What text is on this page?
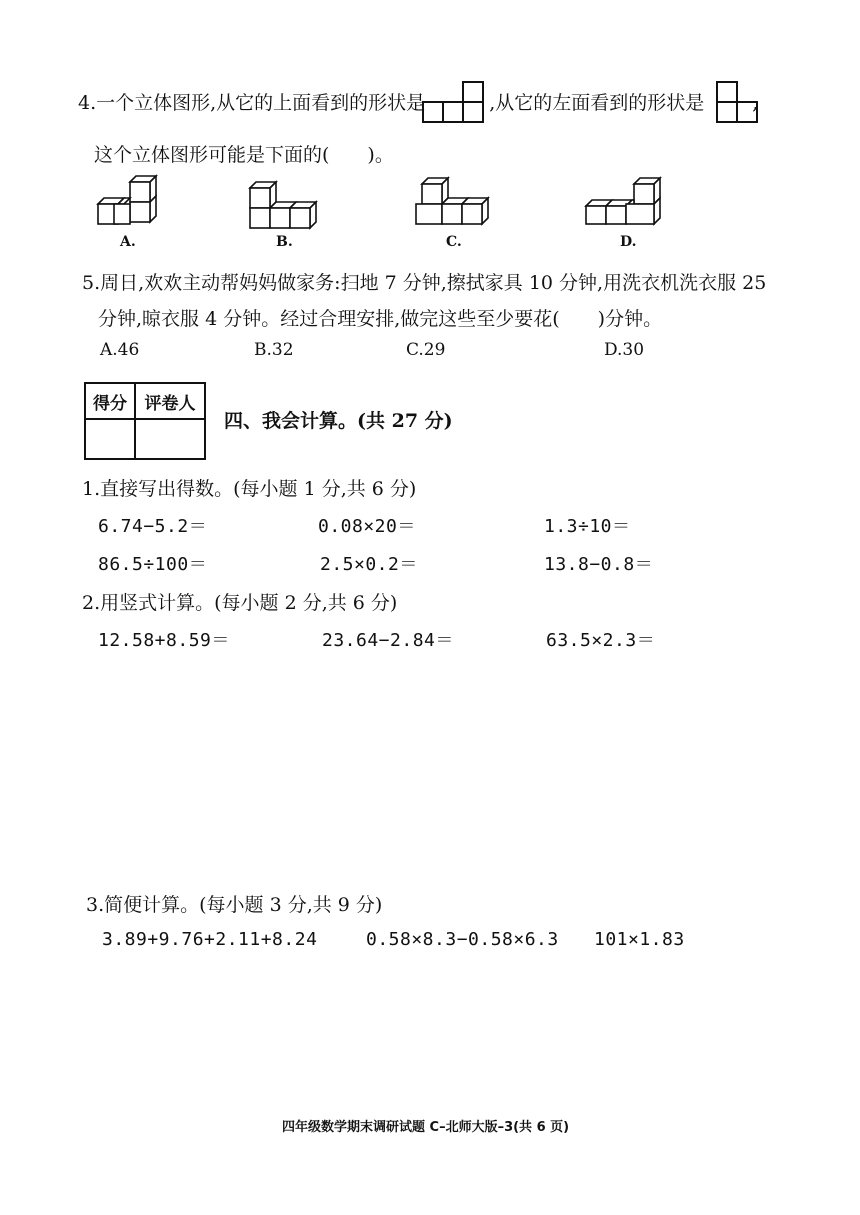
4.一个立体图形,从它的上面看到的形状是	,从它的左面看到的形状是	,
这个立体图形可能是下面的(　　)。
A.	B.	C.	D.
5.周日,欢欢主动帮妈妈做家务:扫地 7 分钟,擦拭家具 10 分钟,用洗衣机洗衣服 25
分钟,晾衣服 4 分钟。经过合理安排,做完这些至少要花(　　)分钟。
A.46	B.32	C.29	D.30
得分	评卷人

四、我会计算。(共 27 分)
1.直接写出得数。(每小题 1 分,共 6 分)
6.74−5.2＝	0.08×20＝	1.3÷10＝
86.5÷100＝	2.5×0.2＝	13.8−0.8＝
2.用竖式计算。(每小题 2 分,共 6 分)
12.58+8.59＝	23.64−2.84＝	63.5×2.3＝
3.简便计算。(每小题 3 分,共 9 分)
3.89+9.76+2.11+8.24	0.58×8.3−0.58×6.3 101×1.83
四年级数学期末调研试题 C–北师大版–3(共 6 页)
